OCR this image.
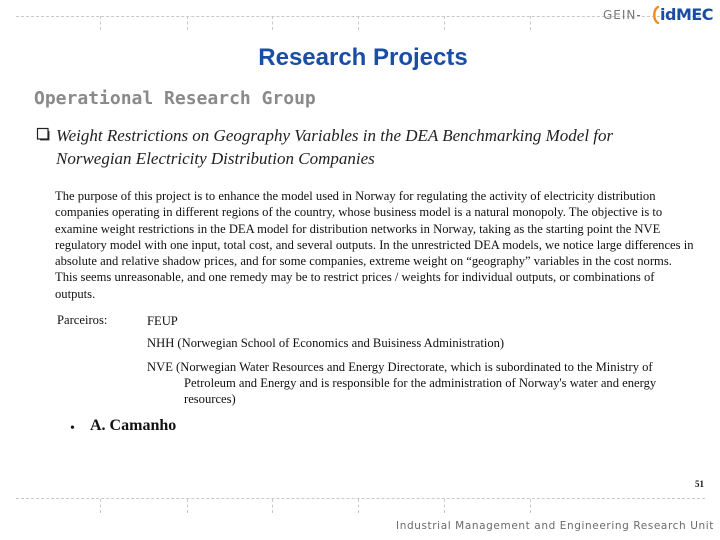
GEIN- idMEC
Research Projects
Operational Research Group
Weight Restrictions on Geography Variables in the DEA Benchmarking Model for Norwegian Electricity Distribution Companies
The purpose of this project is to enhance the model used in Norway for regulating the activity of electricity distribution companies operating in different regions of the country, whose business model is a natural monopoly. The objective is to examine weight restrictions in the DEA model for distribution networks in Norway, taking as the starting point the NVE regulatory model with one input, total cost, and several outputs. In the unrestricted DEA models, we notice large differences in absolute and relative shadow prices, and for some companies, extreme weight on “geography” variables in the cost norms. This seems unreasonable, and one remedy may be to restrict prices / weights for individual outputs, or combinations of outputs.
Parceiros:	FEUP
NHH (Norwegian School of Economics and Buisiness Administration)
NVE (Norwegian Water Resources and Energy Directorate, which is subordinated to the Ministry of Petroleum and Energy and is responsible for the administration of Norway's water and energy resources)
• A. Camanho
51
Industrial Management and Engineering Research Unit
